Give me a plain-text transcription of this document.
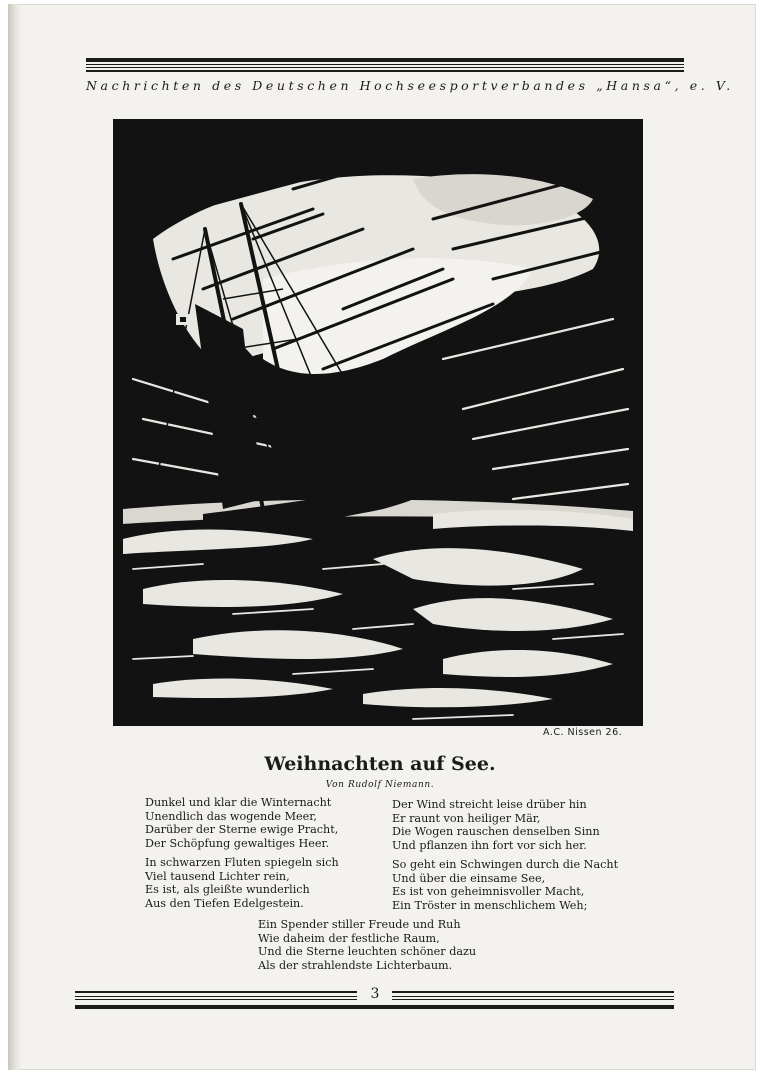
Nachrichten des Deutschen Hochseesportverbandes „Hansa“, e. V.
A.C. Nissen 26.
Weihnachten auf See.
Von Rudolf Niemann.
Dunkel und klar die Winternacht
Unendlich das wogende Meer,
Darüber der Sterne ewige Pracht,
Der Schöpfung gewaltiges Heer.
In schwarzen Fluten spiegeln sich
Viel tausend Lichter rein,
Es ist, als gleißte wunderlich
Aus den Tiefen Edelgestein.
Der Wind streicht leise drüber hin
Er raunt von heiliger Mär,
Die Wogen rauschen denselben Sinn
Und pflanzen ihn fort vor sich her.
So geht ein Schwingen durch die Nacht
Und über die einsame See,
Es ist von geheimnisvoller Macht,
Ein Tröster in menschlichem Weh;
Ein Spender stiller Freude und Ruh
Wie daheim der festliche Raum,
Und die Sterne leuchten schöner dazu
Als der strahlendste Lichterbaum.
3
